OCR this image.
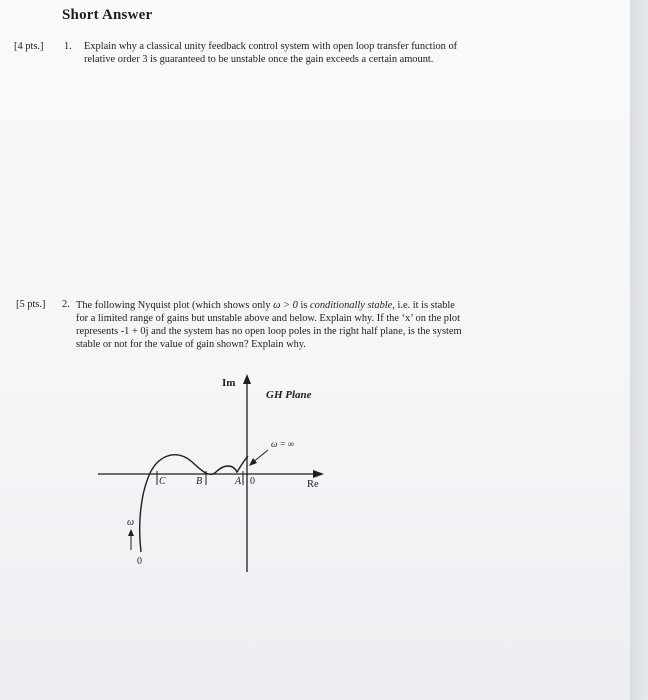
Short Answer
[4 pts.] 1. Explain why a classical unity feedback control system with open loop transfer function of
relative order 3 is guaranteed to be unstable once the gain exceeds a certain amount.
[5 pts.] 2. The following Nyquist plot (which shows only ω > 0 is conditionally stable, i.e. it is stable
for a limited range of gains but unstable above and below. Explain why. If the ‘x’ on the plot
represents -1 + 0j and the system has no open loop poles in the right half plane, is the system
stable or not for the value of gain shown? Explain why.
Im
GH Plane
ω = ∞
Re
C	B	A 0
ω
0
